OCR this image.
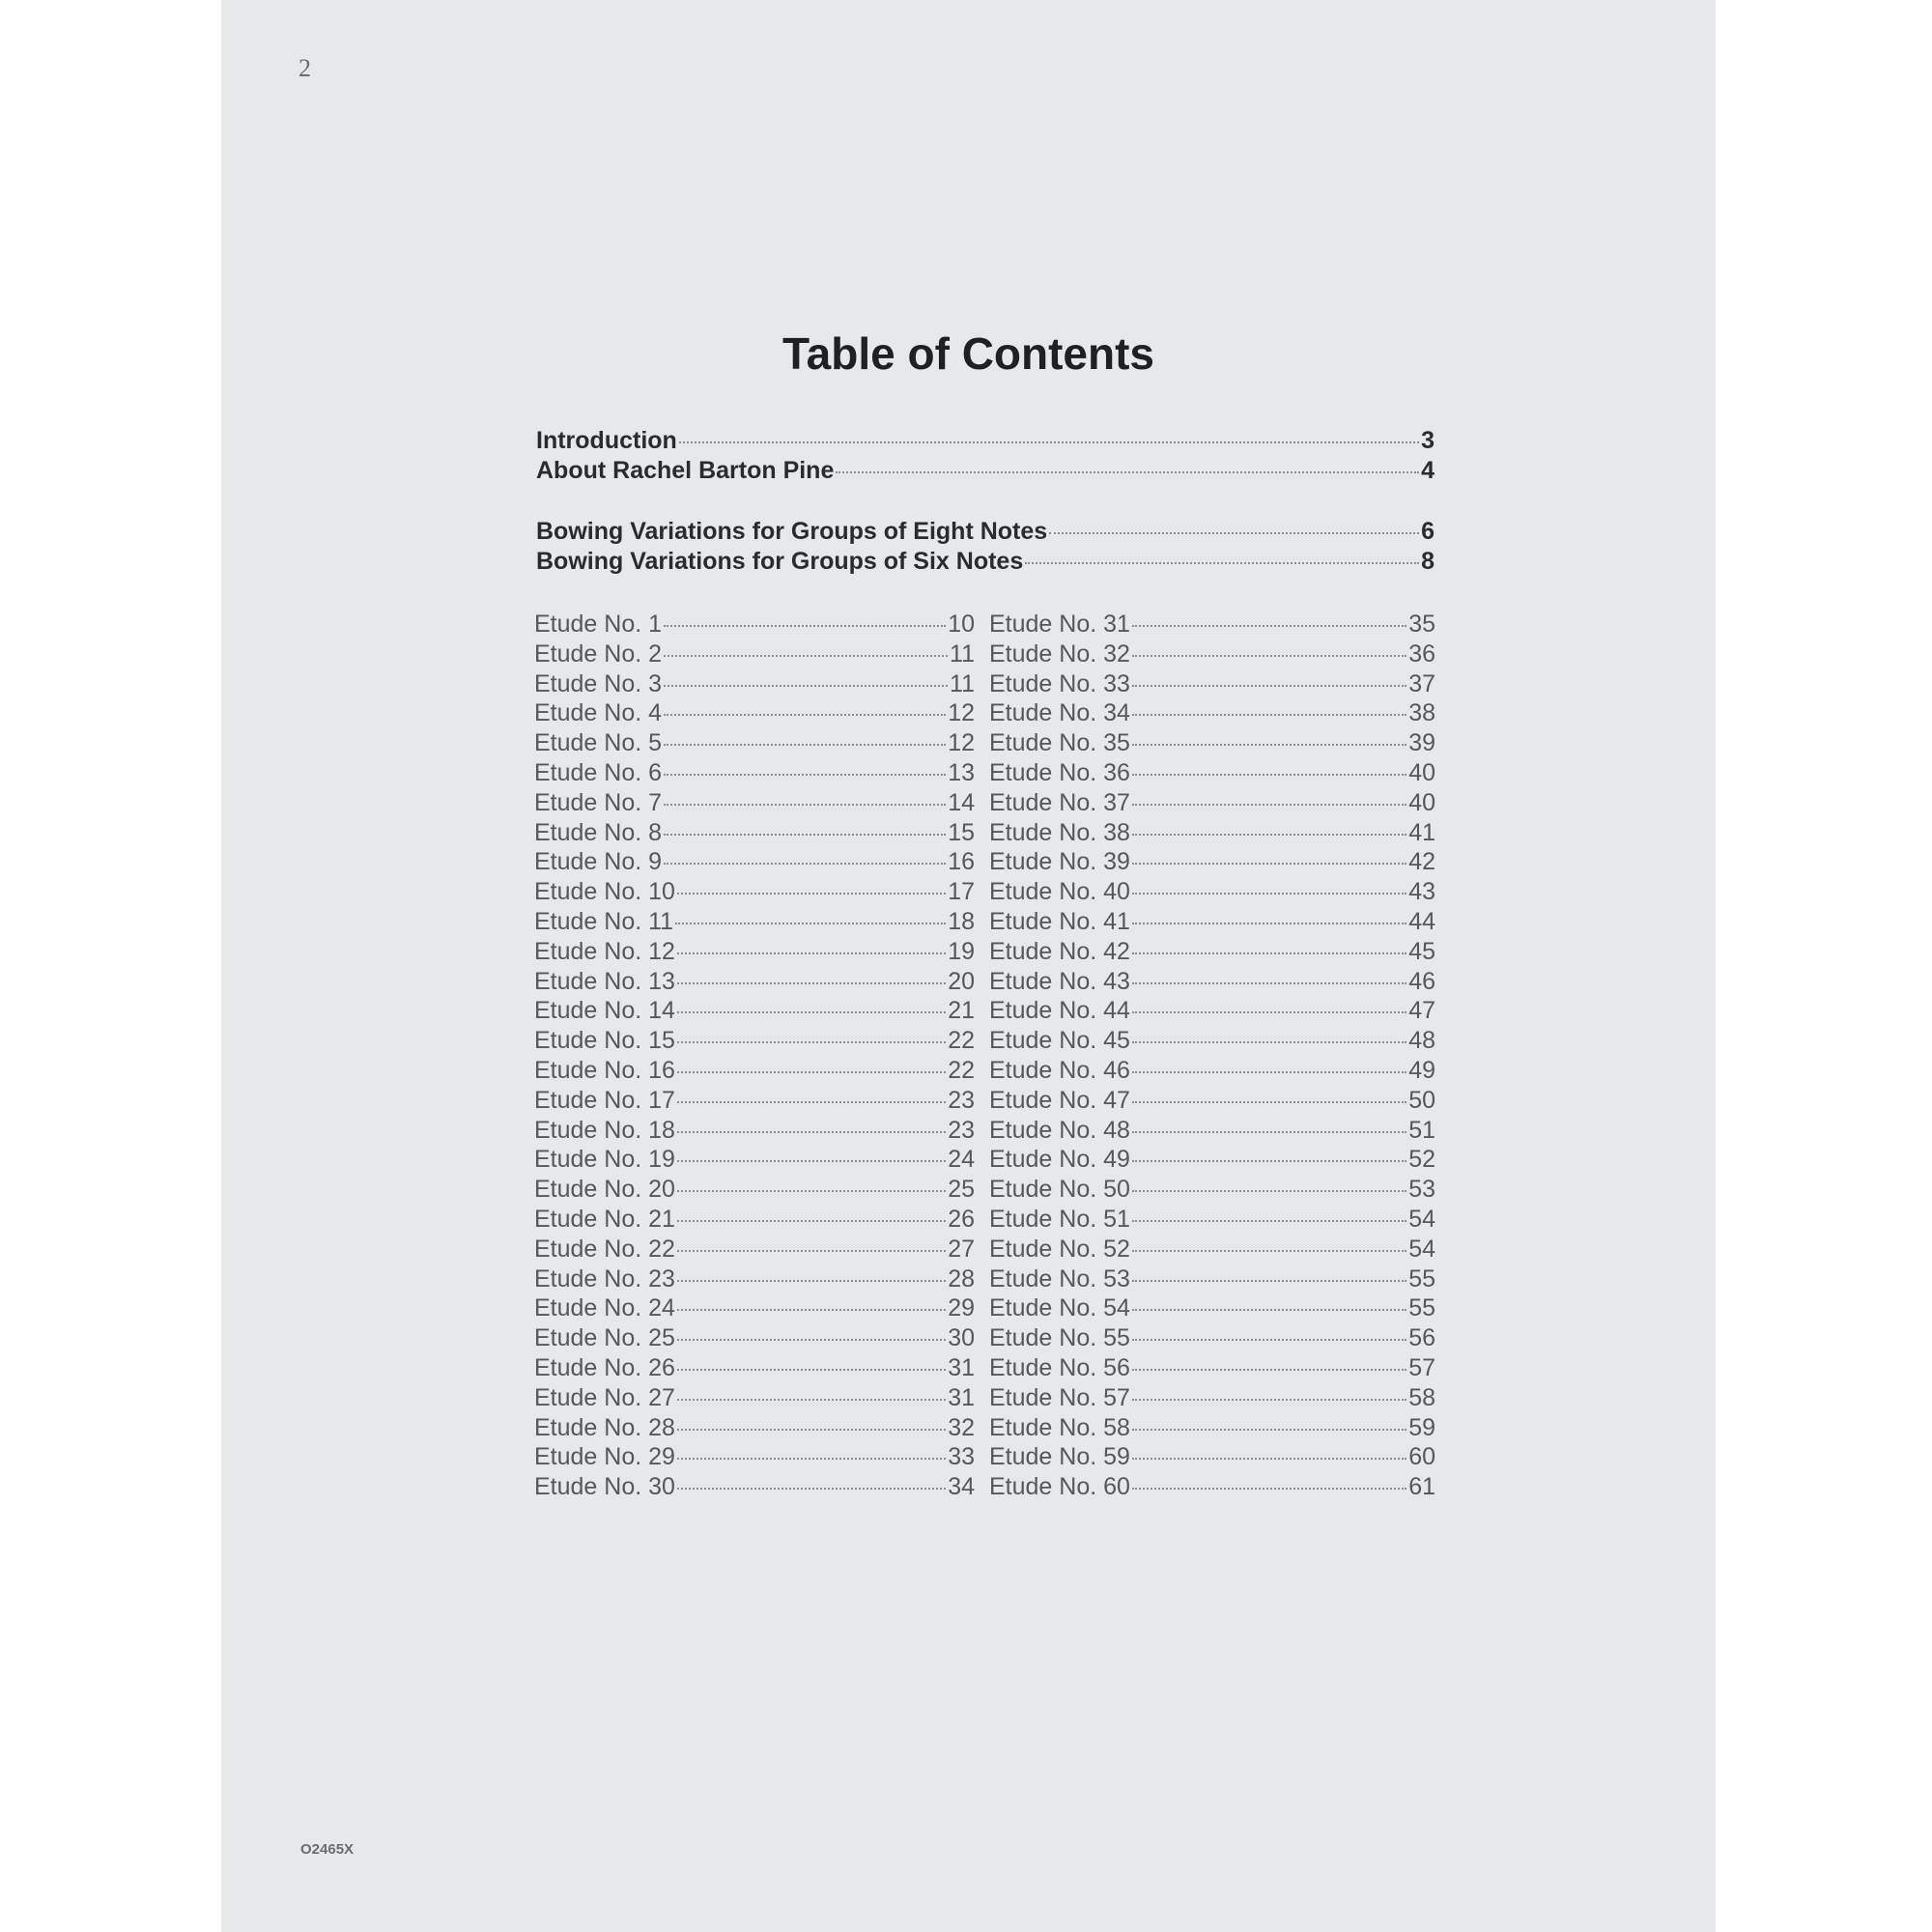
2
Table of Contents
Introduction	3
About Rachel Barton Pine	4
Bowing Variations for Groups of Eight Notes	6
Bowing Variations for Groups of Six Notes	8
Etude No. 1	10
Etude No. 2	11
Etude No. 3	11
Etude No. 4	12
Etude No. 5	12
Etude No. 6	13
Etude No. 7	14
Etude No. 8	15
Etude No. 9	16
Etude No. 10	17
Etude No. 11	18
Etude No. 12	19
Etude No. 13	20
Etude No. 14	21
Etude No. 15	22
Etude No. 16	22
Etude No. 17	23
Etude No. 18	23
Etude No. 19	24
Etude No. 20	25
Etude No. 21	26
Etude No. 22	27
Etude No. 23	28
Etude No. 24	29
Etude No. 25	30
Etude No. 26	31
Etude No. 27	31
Etude No. 28	32
Etude No. 29	33
Etude No. 30	34
Etude No. 31	35
Etude No. 32	36
Etude No. 33	37
Etude No. 34	38
Etude No. 35	39
Etude No. 36	40
Etude No. 37	40
Etude No. 38	41
Etude No. 39	42
Etude No. 40	43
Etude No. 41	44
Etude No. 42	45
Etude No. 43	46
Etude No. 44	47
Etude No. 45	48
Etude No. 46	49
Etude No. 47	50
Etude No. 48	51
Etude No. 49	52
Etude No. 50	53
Etude No. 51	54
Etude No. 52	54
Etude No. 53	55
Etude No. 54	55
Etude No. 55	56
Etude No. 56	57
Etude No. 57	58
Etude No. 58	59
Etude No. 59	60
Etude No. 60	61
O2465X
